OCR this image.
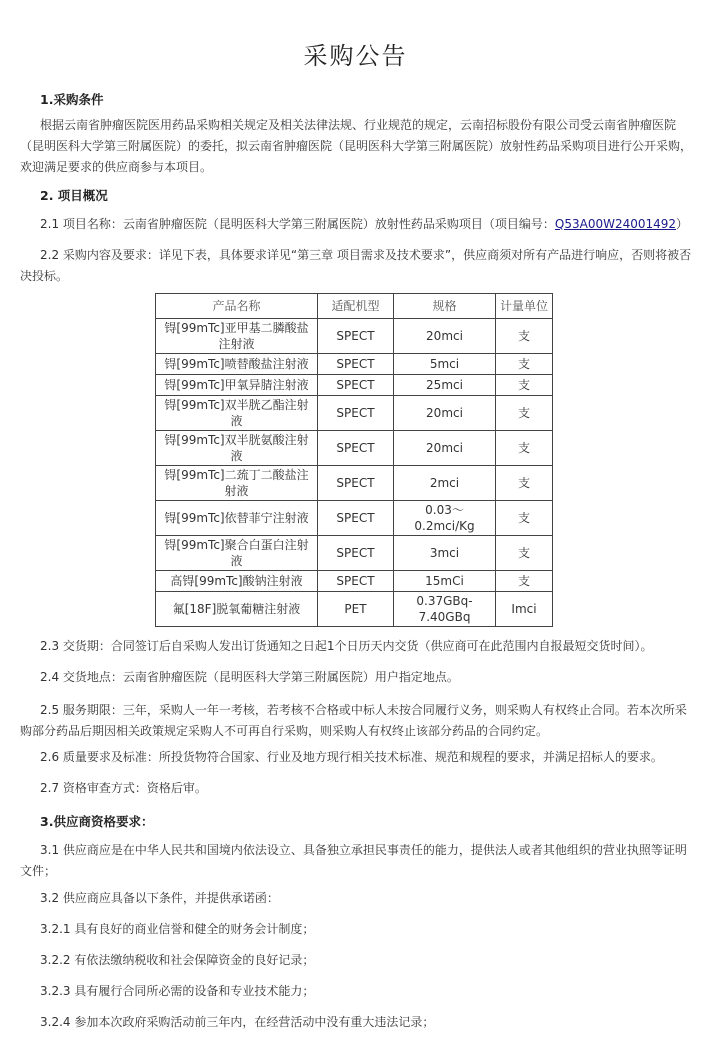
采购公告
1.采购条件

根据云南省肿瘤医院医用药品采购相关规定及相关法律法规、行业规范的规定，云南招标股份有限公司受云南省肿瘤医院（昆明医科大学第三附属医院）的委托，拟云南省肿瘤医院（昆明医科大学第三附属医院）放射性药品采购项目进行公开采购，欢迎满足要求的供应商参与本项目。

2. 项目概况
2.1 项目名称：云南省肿瘤医院（昆明医科大学第三附属医院）放射性药品采购项目（项目编号：Q53A00W24001492）

2.2 采购内容及要求：详见下表，具体要求详见“第三章 项目需求及技术要求”，供应商须对所有产品进行响应，否则将被否决投标。

产品名称	适配机型	规格	计量单位
锝[99mTc]亚甲基二膦酸盐注射液	SPECT	20mci	支
锝[99mTc]喷替酸盐注射液	SPECT	5mci	支
锝[99mTc]甲氧异腈注射液	SPECT	25mci	支
锝[99mTc]双半胱乙酯注射液	SPECT	20mci	支
锝[99mTc]双半胱氨酸注射液	SPECT	20mci	支
锝[99mTc]二巯丁二酸盐注射液	SPECT	2mci	支
锝[99mTc]依替菲宁注射液	SPECT	0.03～0.2mci/Kg	支
锝[99mTc]聚合白蛋白注射液	SPECT	3mci	支
高锝[99mTc]酸钠注射液	SPECT	15mCi	支
氟[18F]脱氧葡糖注射液	PET	0.37GBq-7.40GBq	Imci
2.3 交货期：合同签订后自采购人发出订货通知之日起1个日历天内交货（供应商可在此范围内自报最短交货时间）。
2.4 交货地点：云南省肿瘤医院（昆明医科大学第三附属医院）用户指定地点。

2.5 服务期限：三年，采购人一年一考核，若考核不合格或中标人未按合同履行义务，则采购人有权终止合同。若本次所采购部分药品后期因相关政策规定采购人不可再自行采购，则采购人有权终止该部分药品的合同约定。

2.6 质量要求及标准：所投货物符合国家、行业及地方现行相关技术标准、规范和规程的要求，并满足招标人的要求。
2.7 资格审查方式：资格后审。
3.供应商资格要求：

3.1 供应商应是在中华人民共和国境内依法设立、具备独立承担民事责任的能力，提供法人或者其他组织的营业执照等证明文件；

3.2 供应商应具备以下条件，并提供承诺函：
3.2.1 具有良好的商业信誉和健全的财务会计制度；
3.2.2 有依法缴纳税收和社会保障资金的良好记录；
3.2.3 具有履行合同所必需的设备和专业技术能力；
3.2.4 参加本次政府采购活动前三年内，在经营活动中没有重大违法记录；
